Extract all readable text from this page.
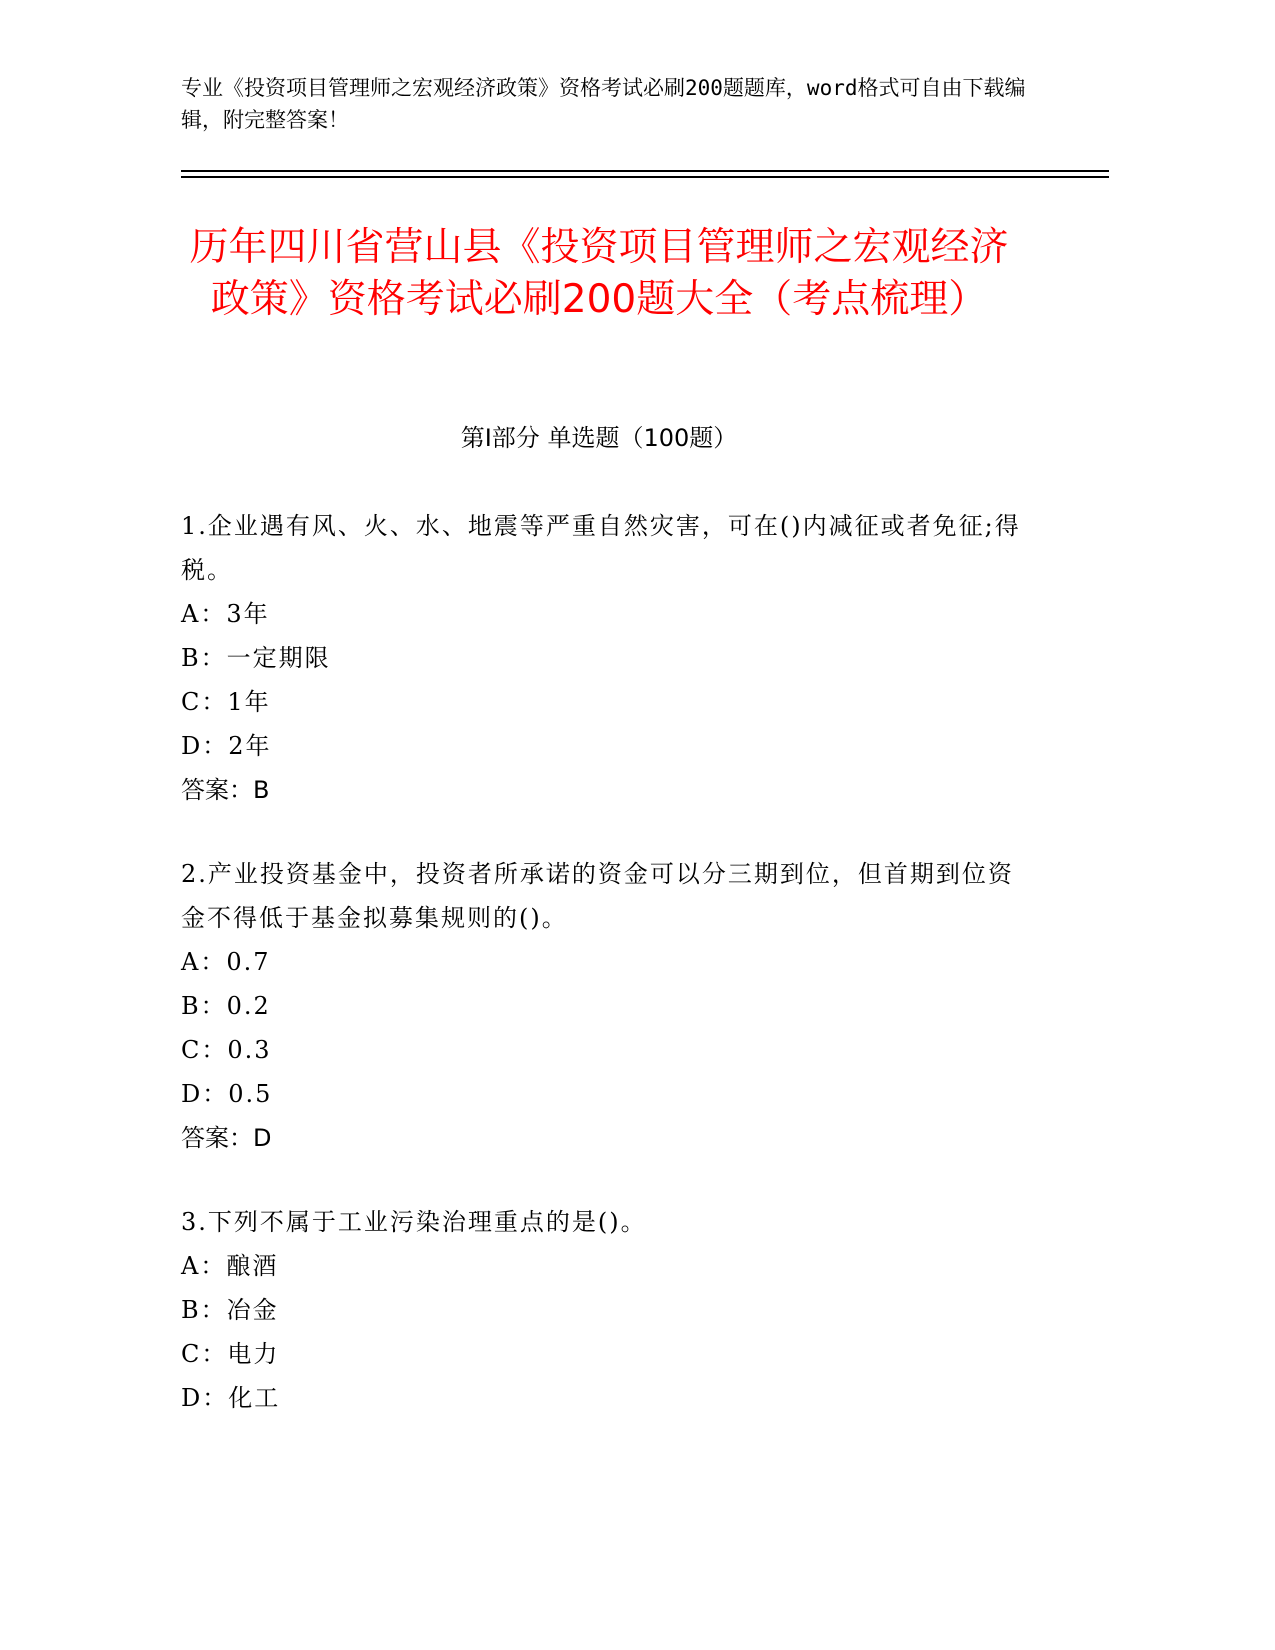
专业《投资项目管理师之宏观经济政策》资格考试必刷200题题库，word格式可自由下载编辑，附完整答案！
历年四川省营山县《投资项目管理师之宏观经济政策》资格考试必刷200题大全（考点梳理）
第Ⅰ部分 单选题（100题）
1.企业遇有风、火、水、地震等严重自然灾害，可在()内减征或者免征;得税。
A：3年
B：一定期限
C：1年
D：2年
答案：B
2.产业投资基金中，投资者所承诺的资金可以分三期到位，但首期到位资金不得低于基金拟募集规则的()。
A：0.7
B：0.2
C：0.3
D：0.5
答案：D
3.下列不属于工业污染治理重点的是()。
A：酿酒
B：冶金
C：电力
D：化工
